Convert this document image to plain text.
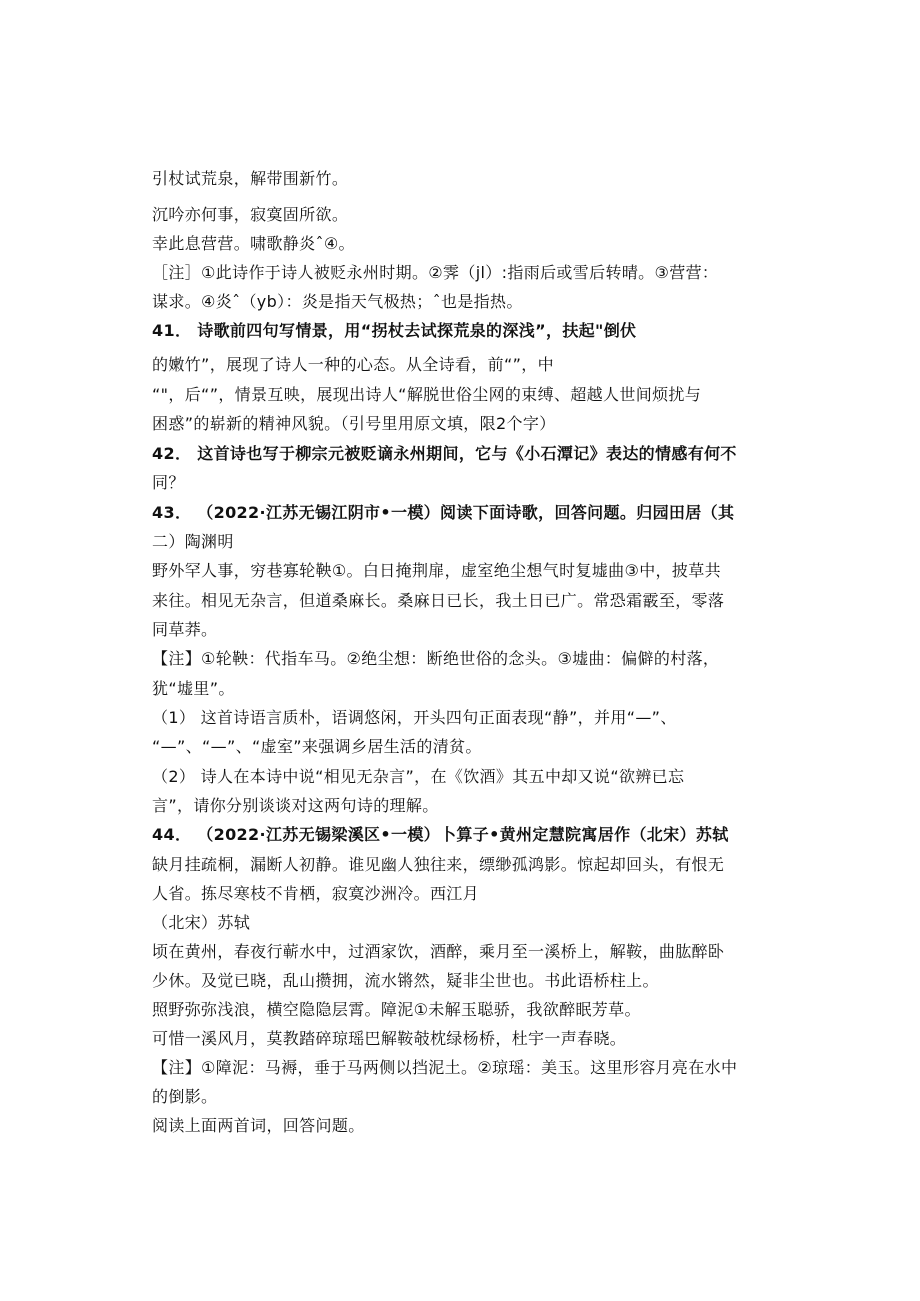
引杖试荒泉，解带围新竹。
沉吟亦何事，寂寞固所欲。
幸此息营营。啸歌静炎ˆ④。
［注］①此诗作于诗人被贬永州时期。②霁（jl）:指雨后或雪后转晴。③营营：
谋求。④炎ˆ（yb）：炎是指天气极热；ˆ也是指热。
41． 诗歌前四句写情景，用“拐杖去试探荒泉的深浅”，扶起"倒伏
的嫩竹”，展现了诗人一种的心态。从全诗看，前“”，中
“"，后“”，情景互映，展现出诗人“解脱世俗尘网的束缚、超越人世间烦扰与
困惑”的崭新的精神风貌。（引号里用原文填，限2个字）
42． 这首诗也写于柳宗元被贬谪永州期间，它与《小石潭记》表达的情感有何不
同？
43． （2022·江苏无锡江阴市•一模）阅读下面诗歌，回答问题。归园田居（其
二）陶渊明
野外罕人事，穷巷寡轮鞅①。白日掩荆扉，虚室绝尘想气时复墟曲③中，披草共
来往。相见无杂言，但道桑麻长。桑麻日已长，我土日已广。常恐霜霰至，零落
同草莽。
【注】①轮鞅：代指车马。②绝尘想：断绝世俗的念头。③墟曲：偏僻的村落，
犹“墟里”。
（1） 这首诗语言质朴，语调悠闲，开头四句正面表现“静”，并用“—”、
“—”、“—”、“虚室”来强调乡居生活的清贫。
（2） 诗人在本诗中说“相见无杂言”，在《饮酒》其五中却又说“欲辨已忘
言”，请你分别谈谈对这两句诗的理解。
44． （2022·江苏无锡梁溪区•一模）卜算子•黄州定慧院寓居作（北宋）苏轼
缺月挂疏桐，漏断人初静。谁见幽人独往来，缥缈孤鸿影。惊起却回头，有恨无
人省。拣尽寒枝不肯栖，寂寞沙洲冷。西江月
（北宋）苏轼
顷在黄州，春夜行蕲水中，过酒家饮，酒醉，乘月至一溪桥上，解鞍，曲肱醉卧
少休。及觉已晓，乱山攒拥，流水锵然，疑非尘世也。书此语桥柱上。
照野弥弥浅浪，横空隐隐层霄。障泥①未解玉聪骄，我欲醉眠芳草。
可惜一溪风月，莫教踏碎琼瑶巴解鞍攲枕绿杨桥，杜宇一声春晓。
【注】①障泥：马褥，垂于马两侧以挡泥土。②琼瑶：美玉。这里形容月亮在水中
的倒影。
阅读上面两首词，回答问题。
